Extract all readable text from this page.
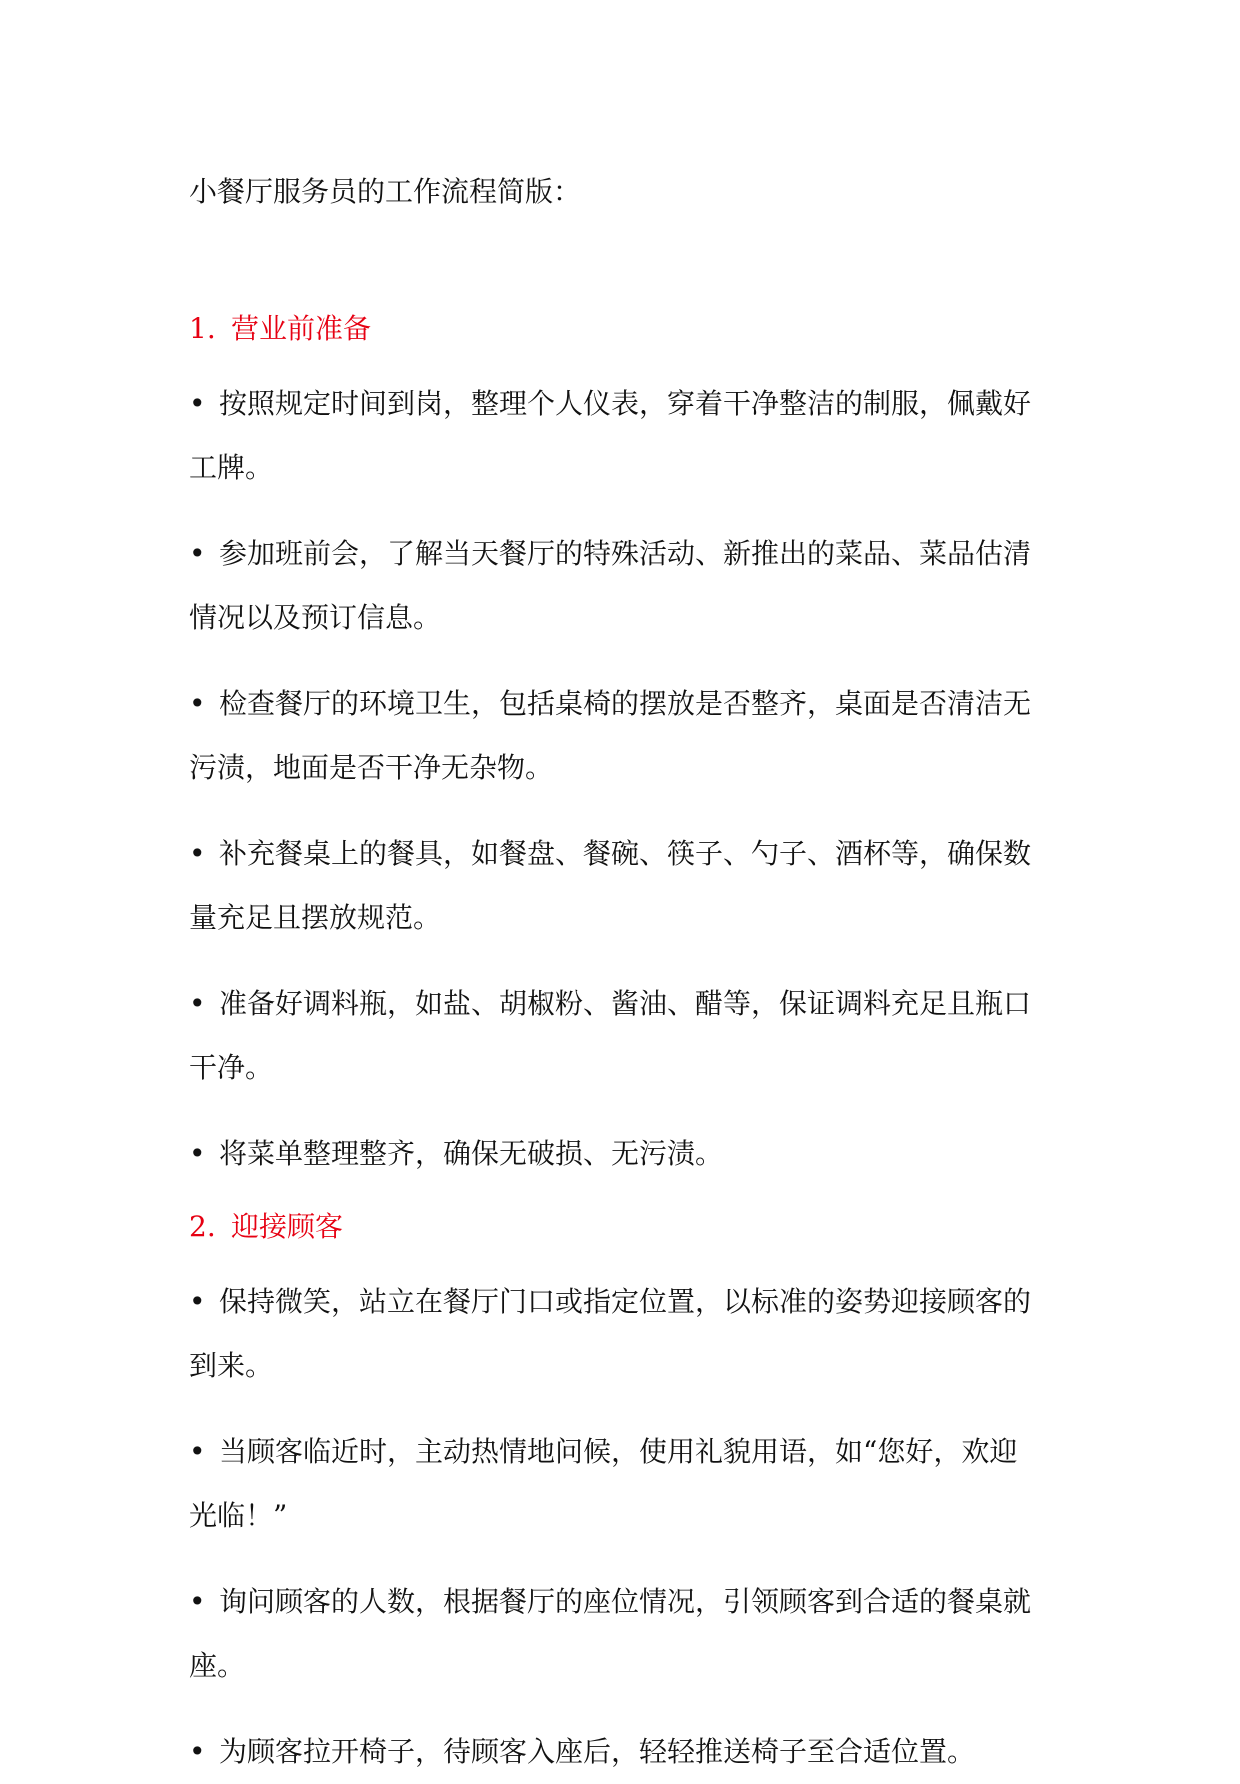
小餐厅服务员的工作流程简版：
1. 营业前准备

• 按照规定时间到岗，整理个人仪表，穿着干净整洁的制服，佩戴好工牌。

• 参加班前会，了解当天餐厅的特殊活动、新推出的菜品、菜品估清情况以及预订信息。

• 检查餐厅的环境卫生，包括桌椅的摆放是否整齐，桌面是否清洁无污渍，地面是否干净无杂物。

• 补充餐桌上的餐具，如餐盘、餐碗、筷子、勺子、酒杯等，确保数量充足且摆放规范。

• 准备好调料瓶，如盐、胡椒粉、酱油、醋等，保证调料充足且瓶口干净。

• 将菜单整理整齐，确保无破损、无污渍。

2. 迎接顾客

• 保持微笑，站立在餐厅门口或指定位置，以标准的姿势迎接顾客的到来。

• 当顾客临近时，主动热情地问候，使用礼貌用语，如“您好，欢迎光临！”

• 询问顾客的人数，根据餐厅的座位情况，引领顾客到合适的餐桌就座。

• 为顾客拉开椅子，待顾客入座后，轻轻推送椅子至合适位置。
